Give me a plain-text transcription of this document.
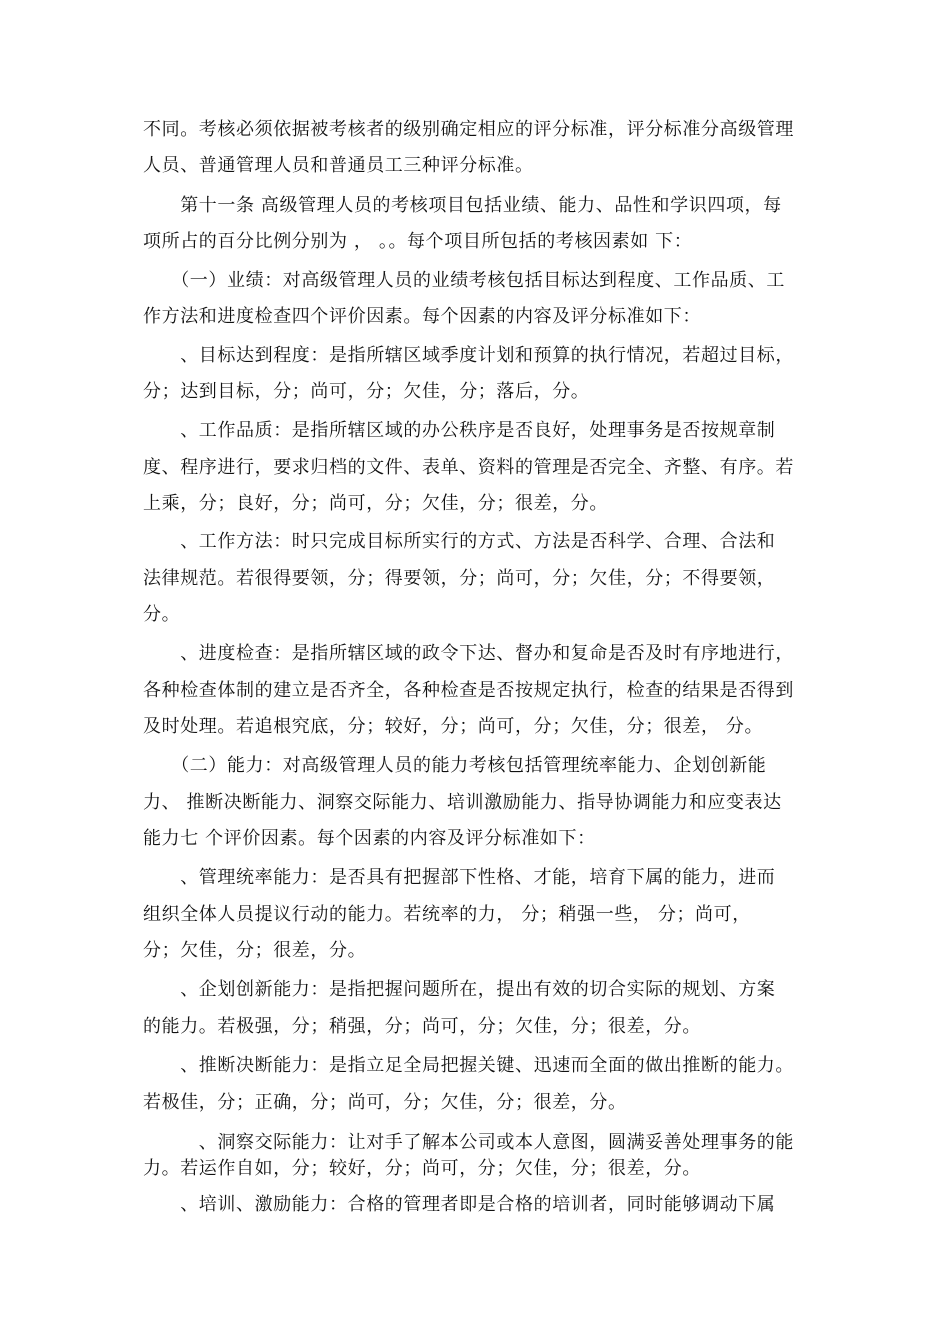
不同。考核必须依据被考核者的级别确定相应的评分标准，评分标准分高级管理
人员、普通管理人员和普通员工三种评分标准。
　　第十一条 高级管理人员的考核项目包括业绩、能力、品性和学识四项，每
项所占的百分比例分别为 ， 。。每个项目所包括的考核因素如 下：
　　（一）业绩：对高级管理人员的业绩考核包括目标达到程度、工作品质、工
作方法和进度检查四个评价因素。每个因素的内容及评分标准如下：
　　、目标达到程度：是指所辖区域季度计划和预算的执行情况，若超过目标，
分；达到目标，分；尚可，分；欠佳，分；落后，分。
　　、工作品质：是指所辖区域的办公秩序是否良好，处理事务是否按规章制
度、程序进行，要求归档的文件、表单、资料的管理是否完全、齐整、有序。若
上乘，分；良好，分；尚可，分；欠佳，分；很差，分。
　　、工作方法：时只完成目标所实行的方式、方法是否科学、合理、合法和
法律规范。若很得要领，分；得要领，分；尚可，分；欠佳，分；不得要领，
分。
　　、进度检查：是指所辖区域的政令下达、督办和复命是否及时有序地进行，
各种检查体制的建立是否齐全，各种检查是否按规定执行，检查的结果是否得到
及时处理。若追根究底，分；较好，分；尚可，分；欠佳，分；很差， 分。
　　（二）能力：对高级管理人员的能力考核包括管理统率能力、企划创新能
力、 推断决断能力、洞察交际能力、培训激励能力、指导协调能力和应变表达
能力七 个评价因素。每个因素的内容及评分标准如下：
　　、管理统率能力：是否具有把握部下性格、才能，培育下属的能力，进而
组织全体人员提议行动的能力。若统率的力， 分；稍强一些， 分；尚可，
分；欠佳，分；很差，分。
　　、企划创新能力：是指把握问题所在，提出有效的切合实际的规划、方案
的能力。若极强，分；稍强，分；尚可，分；欠佳，分；很差，分。
　　、推断决断能力：是指立足全局把握关键、迅速而全面的做出推断的能力。
若极佳，分；正确，分；尚可，分；欠佳，分；很差，分。
　　　、洞察交际能力：让对手了解本公司或本人意图，圆满妥善处理事务的能
力。若运作自如，分；较好，分；尚可，分；欠佳，分；很差，分。
　　、培训、激励能力：合格的管理者即是合格的培训者，同时能够调动下属
